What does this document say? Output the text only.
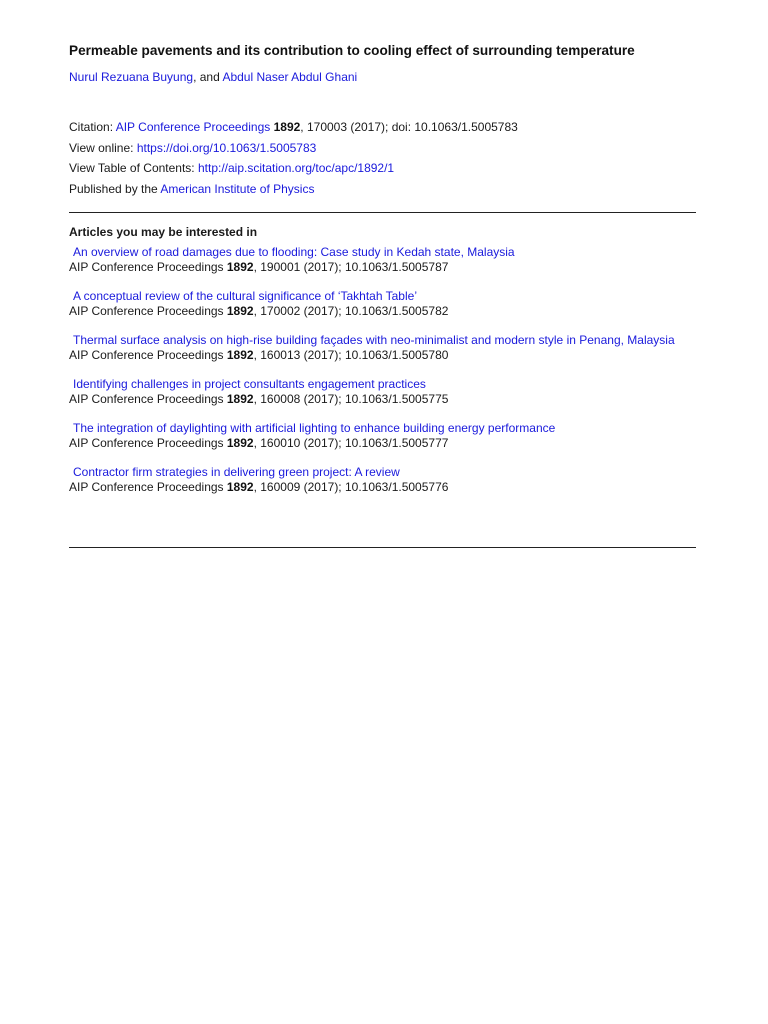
Permeable pavements and its contribution to cooling effect of surrounding temperature
Nurul Rezuana Buyung, and Abdul Naser Abdul Ghani
Citation: AIP Conference Proceedings 1892, 170003 (2017); doi: 10.1063/1.5005783
View online: https://doi.org/10.1063/1.5005783
View Table of Contents: http://aip.scitation.org/toc/apc/1892/1
Published by the American Institute of Physics
Articles you may be interested in
An overview of road damages due to flooding: Case study in Kedah state, Malaysia
AIP Conference Proceedings 1892, 190001 (2017); 10.1063/1.5005787
A conceptual review of the cultural significance of ‘Takhtah Table’
AIP Conference Proceedings 1892, 170002 (2017); 10.1063/1.5005782
Thermal surface analysis on high-rise building façades with neo-minimalist and modern style in Penang, Malaysia
AIP Conference Proceedings 1892, 160013 (2017); 10.1063/1.5005780
Identifying challenges in project consultants engagement practices
AIP Conference Proceedings 1892, 160008 (2017); 10.1063/1.5005775
The integration of daylighting with artificial lighting to enhance building energy performance
AIP Conference Proceedings 1892, 160010 (2017); 10.1063/1.5005777
Contractor firm strategies in delivering green project: A review
AIP Conference Proceedings 1892, 160009 (2017); 10.1063/1.5005776
